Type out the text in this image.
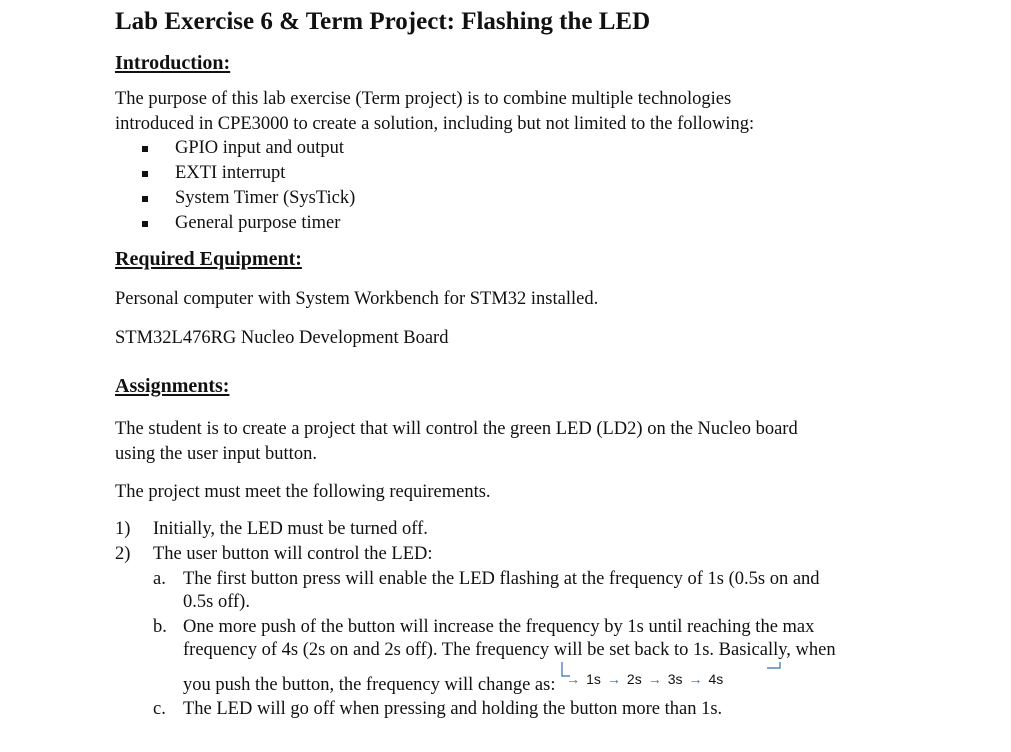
Lab Exercise 6 & Term Project: Flashing the LED
Introduction:

The purpose of this lab exercise (Term project) is to combine multiple technologies

introduced in CPE3000 to create a solution, including but not limited to the following:

GPIO input and output
EXTI interrupt
System Timer (SysTick)
General purpose timer
Required Equipment:

Personal computer with System Workbench for STM32 installed.

STM32L476RG Nucleo Development Board

Assignments:

The student is to create a project that will control the green LED (LD2) on the Nucleo board

using the user input button.

The project must meet the following requirements.

1) Initially, the LED must be turned off.
2) The user button will control the LED:
a. The first button press will enable the LED flashing at the frequency of 1s (0.5s on and
0.5s off).
b. One more push of the button will increase the frequency by 1s until reaching the max
frequency of 4s (2s on and 2s off). The frequency will be set back to 1s. Basically, when
you push the button, the frequency will change as: → 1s → 2s → 3s → 4s
c. The LED will go off when pressing and holding the button more than 1s.
